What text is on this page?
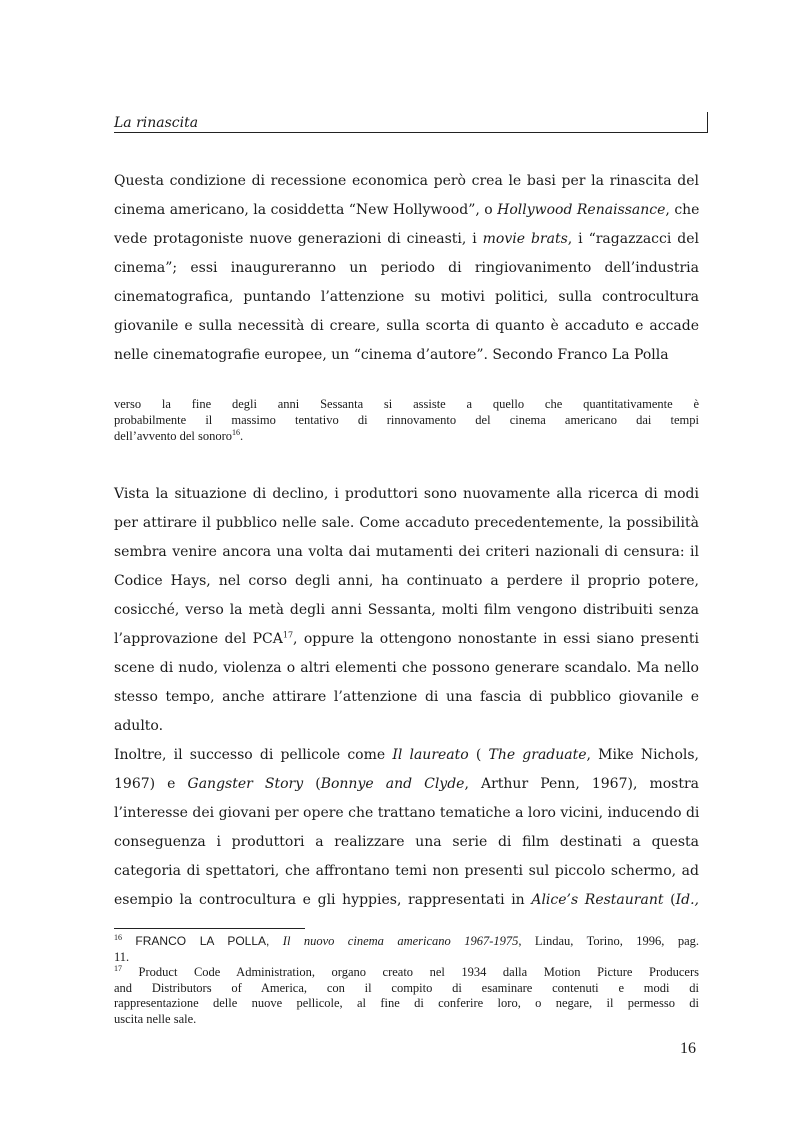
La rinascita
Questa condizione di recessione economica però crea le basi per la rinascita del
cinema americano, la cosiddetta “New Hollywood”, o Hollywood Renaissance, che
vede protagoniste nuove generazioni di cineasti, i movie brats, i “ragazzacci del
cinema”; essi inaugureranno un periodo di ringiovanimento dell’industria
cinematografica, puntando l’attenzione su motivi politici, sulla controcultura
giovanile e sulla necessità di creare, sulla scorta di quanto è accaduto e accade
nelle cinematografie europee, un “cinema d’autore”. Secondo Franco La Polla
verso la fine degli anni Sessanta si assiste a quello che quantitativamente è
probabilmente il massimo tentativo di rinnovamento del cinema americano dai tempi
dell’avvento del sonoro$^{16}$.
Vista la situazione di declino, i produttori sono nuovamente alla ricerca di modi
per attirare il pubblico nelle sale. Come accaduto precedentemente, la possibilità
sembra venire ancora una volta dai mutamenti dei criteri nazionali di censura: il
Codice Hays, nel corso degli anni, ha continuato a perdere il proprio potere,
cosicché, verso la metà degli anni Sessanta, molti film vengono distribuiti senza
l’approvazione del PCA$^{17}$, oppure la ottengono nonostante in essi siano presenti
scene di nudo, violenza o altri elementi che possono generare scandalo. Ma nello
stesso tempo, anche attirare l’attenzione di una fascia di pubblico giovanile e
adulto.
Inoltre, il successo di pellicole come Il laureato ( The graduate, Mike Nichols,
1967) e Gangster Story (Bonnye and Clyde, Arthur Penn, 1967), mostra
l’interesse dei giovani per opere che trattano tematiche a loro vicini, inducendo di
conseguenza i produttori a realizzare una serie di film destinati a questa
categoria di spettatori, che affrontano temi non presenti sul piccolo schermo, ad
esempio la controcultura e gli hyppies, rappresentati in Alice’s Restaurant (Id.,
$^{16}$ FRANCO LA POLLA, Il nuovo cinema americano 1967-1975, Lindau, Torino, 1996, pag.
11.
$^{17}$ Product Code Administration, organo creato nel 1934 dalla Motion Picture Producers
and Distributors of America, con il compito di esaminare contenuti e modi di
rappresentazione delle nuove pellicole, al fine di conferire loro, o negare, il permesso di
uscita nelle sale.
16
